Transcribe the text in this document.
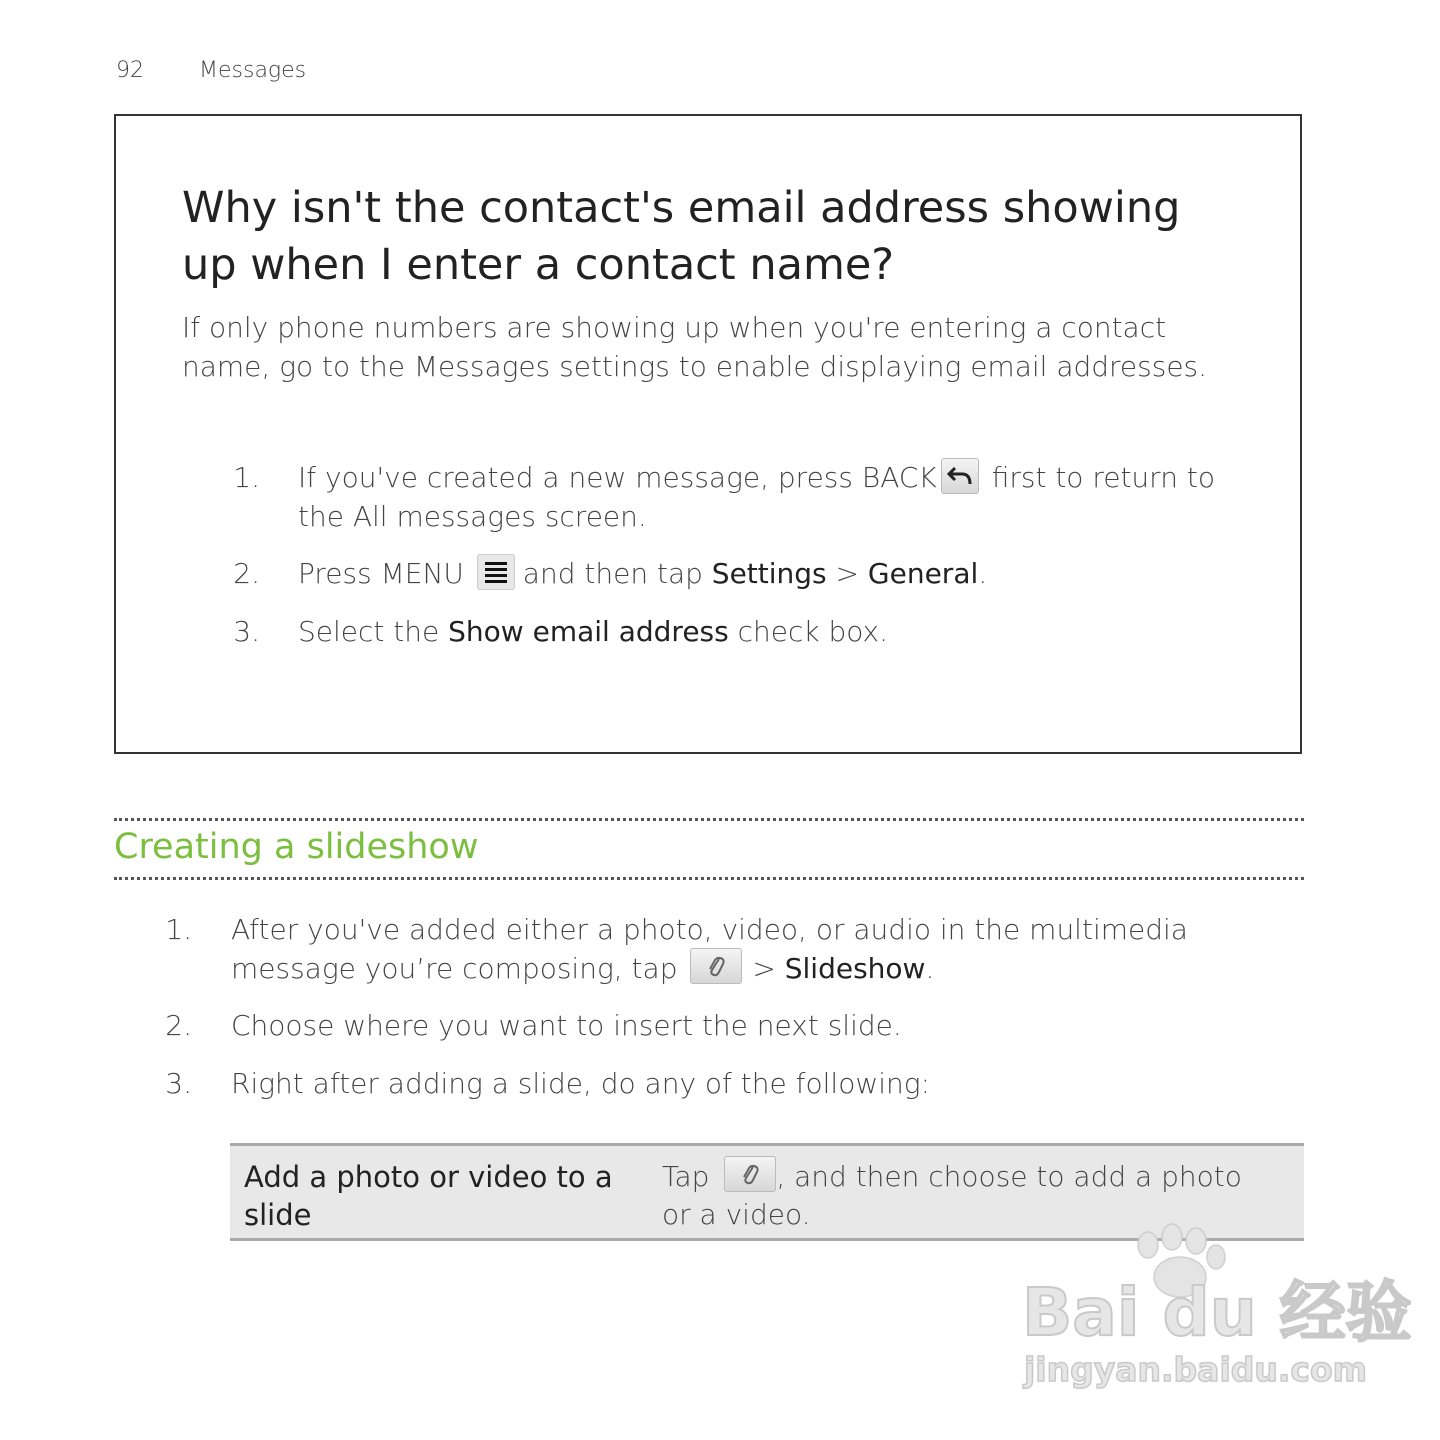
92	Messages
Why isn't the contact's email address showing up when I enter a contact name?

If only phone numbers are showing up when you're entering a contact name, go to the Messages settings to enable displaying email addresses.

1. If you've created a new message, press BACK first to return to the All messages screen.
2. Press MENU and then tap Settings > General.
3. Select the Show email address check box.
Creating a slideshow
1. After you've added either a photo, video, or audio in the multimedia message you’re composing, tap	> Slideshow.
2. Choose where you want to insert the next slide.
3. Right after adding a slide, do any of the following:
Add a photo or video to a slide
Tap , and then choose to add a photo or a video.
Bai du 经验
jingyan.baidu.com
